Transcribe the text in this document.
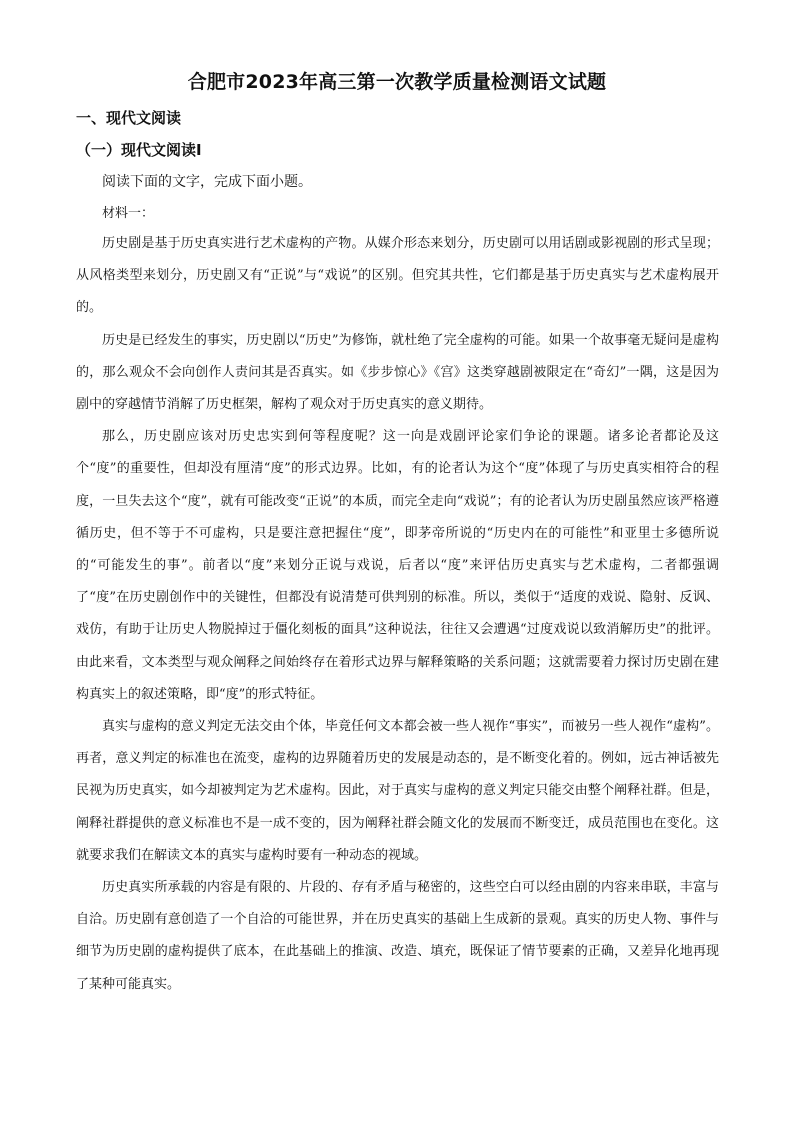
合肥市2023年高三第一次教学质量检测语文试题
一、现代文阅读
（一）现代文阅读Ⅰ
阅读下面的文字，完成下面小题。
材料一：

历史剧是基于历史真实进行艺术虚构的产物。从媒介形态来划分，历史剧可以用话剧或影视剧的形式呈现；从风格类型来划分，历史剧又有“正说”与“戏说”的区别。但究其共性，它们都是基于历史真实与艺术虚构展开的。

历史是已经发生的事实，历史剧以“历史”为修饰，就杜绝了完全虚构的可能。如果一个故事毫无疑问是虚构的，那么观众不会向创作人责问其是否真实。如《步步惊心》《宫》这类穿越剧被限定在“奇幻”一隅，这是因为剧中的穿越情节消解了历史框架，解构了观众对于历史真实的意义期待。

那么，历史剧应该对历史忠实到何等程度呢？这一向是戏剧评论家们争论的课题。诸多论者都论及这个“度”的重要性，但却没有厘清“度”的形式边界。比如，有的论者认为这个“度”体现了与历史真实相符合的程度，一旦失去这个“度”，就有可能改变“正说”的本质，而完全走向“戏说”；有的论者认为历史剧虽然应该严格遵循历史，但不等于不可虚构，只是要注意把握住“度”，即茅帝所说的“历史内在的可能性”和亚里士多德所说的“可能发生的事”。前者以“度”来划分正说与戏说，后者以“度”来评估历史真实与艺术虚构，二者都强调了“度”在历史剧创作中的关键性，但都没有说清楚可供判别的标准。所以，类似于“适度的戏说、隐射、反讽、戏仿，有助于让历史人物脱掉过于僵化刻板的面具”这种说法，往往又会遭遇“过度戏说以致消解历史”的批评。由此来看，文本类型与观众阐释之间始终存在着形式边界与解释策略的关系问题；这就需要着力探讨历史剧在建构真实上的叙述策略，即“度”的形式特征。

真实与虚构的意义判定无法交由个体，毕竟任何文本都会被一些人视作“事实”，而被另一些人视作“虚构”。再者，意义判定的标准也在流变，虚构的边界随着历史的发展是动态的，是不断变化着的。例如，远古神话被先民视为历史真实，如今却被判定为艺术虚构。因此，对于真实与虚构的意义判定只能交由整个阐释社群。但是，阐释社群提供的意义标准也不是一成不变的，因为阐释社群会随文化的发展而不断变迁，成员范围也在变化。这就要求我们在解读文本的真实与虚构时要有一种动态的视域。

历史真实所承载的内容是有限的、片段的、存有矛盾与秘密的，这些空白可以经由剧的内容来串联，丰富与自洽。历史剧有意创造了一个自洽的可能世界，并在历史真实的基础上生成新的景观。真实的历史人物、事件与细节为历史剧的虚构提供了底本，在此基础上的推演、改造、填充，既保证了情节要素的正确，又差异化地再现了某种可能真实。
